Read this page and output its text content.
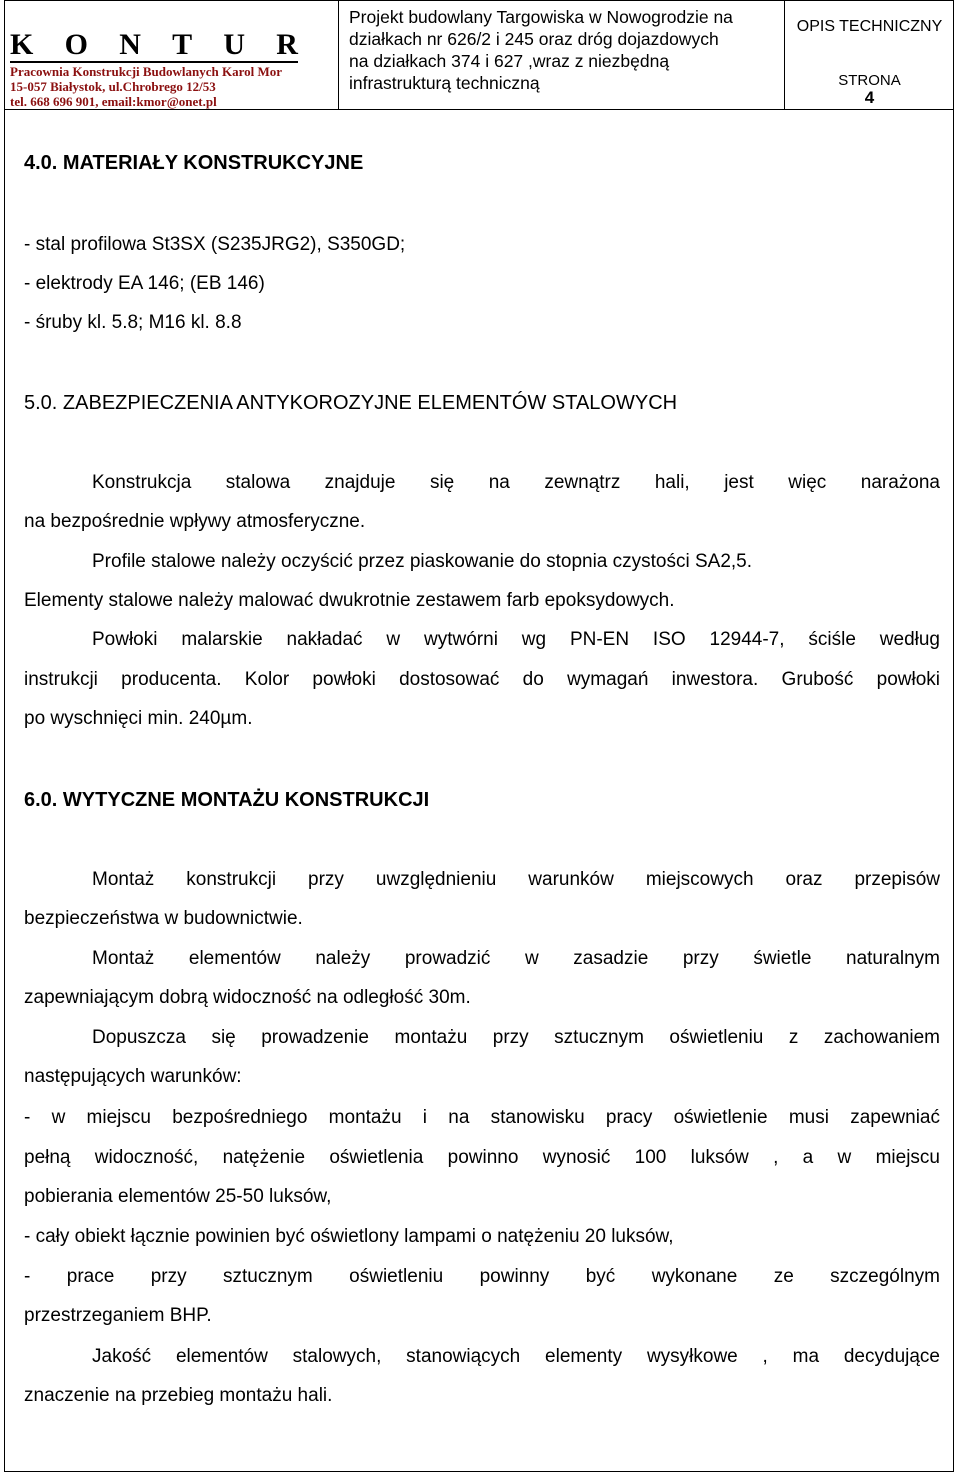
K O N T U R
Pracownia Konstrukcji Budowlanych Karol Mor
15-057 Białystok, ul.Chrobrego 12/53
tel. 668 696 901, email:kmor@onet.pl
Projekt budowlany Targowiska w Nowogrodzie na
działkach nr 626/2 i 245 oraz dróg dojazdowych
na działkach 374 i 627 ,wraz z niezbędną
infrastrukturą techniczną
OPIS TECHNICZNY
STRONA
4
4.0. MATERIAŁY KONSTRUKCYJNE
- stal profilowa St3SX (S235JRG2), S350GD;
- elektrody EA 146; (EB 146)
- śruby kl. 5.8; M16 kl. 8.8
5.0. ZABEZPIECZENIA ANTYKOROZYJNE ELEMENTÓW STALOWYCH
Konstrukcja stalowa znajduje się na zewnątrz hali, jest więc narażona
na bezpośrednie wpływy atmosferyczne.
Profile stalowe należy oczyścić przez piaskowanie do stopnia czystości SA2,5.
Elementy stalowe należy malować dwukrotnie zestawem farb epoksydowych.
Powłoki malarskie nakładać w wytwórni wg PN-EN ISO 12944-7, ściśle według
instrukcji producenta. Kolor powłoki dostosować do wymagań inwestora. Grubość powłoki
po wyschnięci min. 240µm.
6.0. WYTYCZNE MONTAŻU KONSTRUKCJI
Montaż konstrukcji przy uwzględnieniu warunków miejscowych oraz przepisów
bezpieczeństwa w budownictwie.
Montaż elementów należy prowadzić w zasadzie przy świetle naturalnym
zapewniającym dobrą widoczność na odległość 30m.
Dopuszcza się prowadzenie montażu przy sztucznym oświetleniu z zachowaniem
następujących warunków:
- w miejscu bezpośredniego montażu i na stanowisku pracy oświetlenie musi zapewniać
pełną widoczność, natężenie oświetlenia powinno wynosić 100 luksów , a w miejscu
pobierania elementów 25-50 luksów,
- cały obiekt łącznie powinien być oświetlony lampami o natężeniu 20 luksów,
- prace przy sztucznym oświetleniu powinny być wykonane ze szczególnym
przestrzeganiem BHP.
Jakość elementów stalowych, stanowiących elementy wysyłkowe , ma decydujące
znaczenie na przebieg montażu hali.
